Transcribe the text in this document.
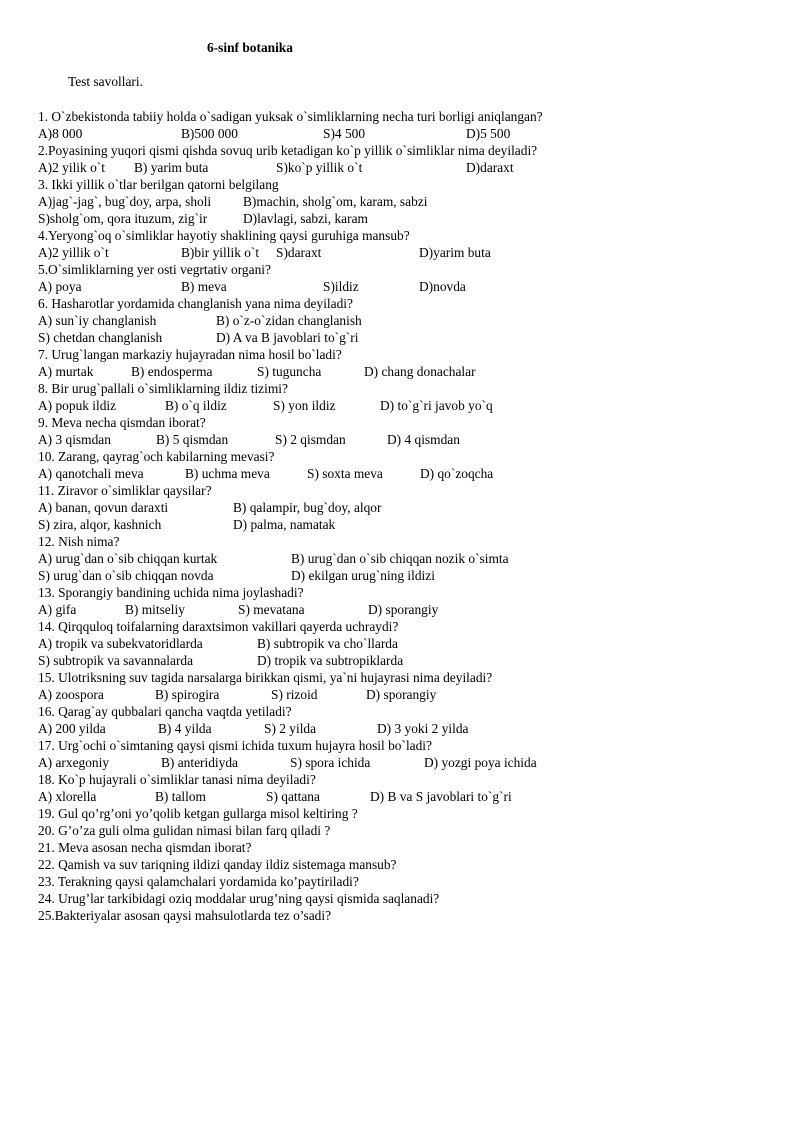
6-sinf botanika
Test savollari.
1. O`zbekistonda tabiiy holda o`sadigan yuksak o`simliklarning necha turi borligi aniqlangan?
A)8 000	B)500 000	S)4 500	D)5 500
2.Poyasining yuqori qismi qishda sovuq urib ketadigan ko`p yillik o`simliklar nima deyiladi?
A)2 yilik o`t B) yarim buta	S)ko`p yillik o`t	D)daraxt
3. Ikki yillik o`tlar berilgan qatorni belgilang
A)jag`-jag`, bug`doy, arpa, sholi B)machin, sholg`om, karam, sabzi
S)sholg`om, qora ituzum, zig`ir	D)lavlagi, sabzi, karam
4.Yeryong`oq o`simliklar hayotiy shaklining qaysi guruhiga mansub?
A)2 yillik o`t	B)bir yillik o`t S)daraxt	D)yarim buta
5.O`simliklarning yer osti vegrtativ organi?
A) poya	B) meva	S)ildiz	D)novda
6. Hasharotlar yordamida changlanish yana nima deyiladi?
A) sun`iy changlanish	B) o`z-o`zidan changlanish
S) chetdan changlanish	D) A va B javoblari to`g`ri
7. Urug`langan markaziy hujayradan nima hosil bo`ladi?
A) murtak	B) endosperma	S) tuguncha	D) chang donachalar
8. Bir urug`pallali o`simliklarning ildiz tizimi?
A) popuk ildiz	B) o`q ildiz	S) yon ildiz	D) to`g`ri javob yo`q
9. Meva necha qismdan iborat?
A) 3 qismdan	B) 5 qismdan	S) 2 qismdan	D) 4 qismdan
10. Zarang, qayrag`och kabilarning mevasi?
A) qanotchali meva	B) uchma meva	S) soxta meva	D) qo`zoqcha
11. Ziravor o`simliklar qaysilar?
A) banan, qovun daraxti	B) qalampir, bug`doy, alqor
S) zira, alqor, kashnich	D) palma, namatak
12. Nish nima?
A) urug`dan o`sib chiqqan kurtak	B) urug`dan o`sib chiqqan nozik o`simta
S) urug`dan o`sib chiqqan novda	D) ekilgan urug`ning ildizi
13. Sporangiy bandining uchida nima joylashadi?
A) gifa	B) mitseliy	S) mevatana	D) sporangiy
14. Qirqquloq toifalarning daraxtsimon vakillari qayerda uchraydi?
A) tropik va subekvatoridlarda	B) subtropik va cho`llarda
S) subtropik va savannalarda	D) tropik va subtropiklarda
15. Ulotriksning suv tagida narsalarga birikkan qismi, ya`ni hujayrasi nima deyiladi?
A) zoospora	B) spirogira	S) rizoid	D) sporangiy
16. Qarag`ay qubbalari qancha vaqtda yetiladi?
A) 200 yilda	B) 4 yilda	S) 2 yilda	D) 3 yoki 2 yilda
17. Urg`ochi o`simtaning qaysi qismi ichida tuxum hujayra hosil bo`ladi?
A) arxegoniy	B) anteridiyda	S) spora ichida	D) yozgi poya ichida
18. Ko`p hujayrali o`simliklar tanasi nima deyiladi?
A) xlorella	B) tallom	S) qattana	D) B va S javoblari to`g`ri
19. Gul qo’rg’oni yo’qolib ketgan gullarga misol keltiring ?
20. G’o’za guli olma gulidan nimasi bilan farq qiladi ?
21. Meva asosan necha qismdan iborat?
22. Qamish va suv tariqning ildizi qanday ildiz sistemaga mansub?
23. Terakning qaysi qalamchalari yordamida ko’paytiriladi?
24. Urug’lar tarkibidagi oziq moddalar urug’ning qaysi qismida saqlanadi?
25.Bakteriyalar asosan qaysi mahsulotlarda tez o’sadi?
